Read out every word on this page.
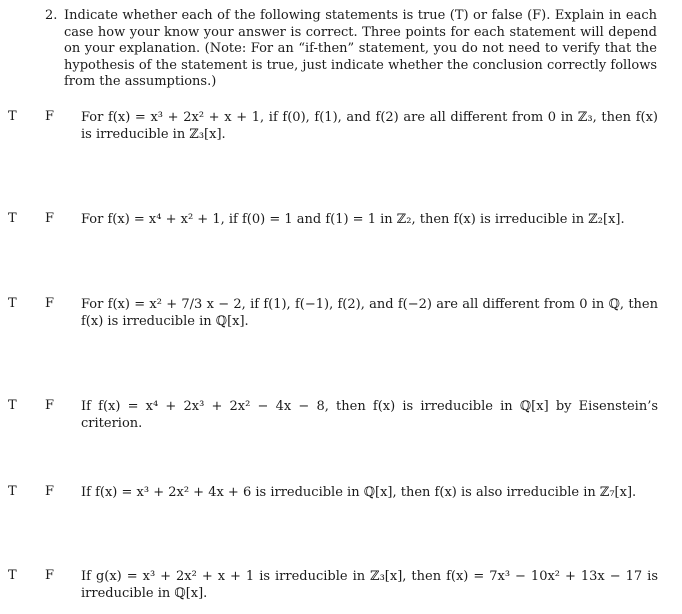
2. Indicate whether each of the following statements is true (T) or false (F). Explain in each case how your know your answer is correct. Three points for each statement will depend on your explanation. (Note: For an “if-then” statement, you do not need to verify that the hypothesis of the statement is true, just indicate whether the conclusion correctly follows from the assumptions.)
T F For f(x) = x³ + 2x² + x + 1, if f(0), f(1), and f(2) are all different from 0 in ℤ₃, then f(x) is irreducible in ℤ₃[x].
T F For f(x) = x⁴ + x² + 1, if f(0) = 1 and f(1) = 1 in ℤ₂, then f(x) is irreducible in ℤ₂[x].
T F For f(x) = x² + 7/3 x − 2, if f(1), f(−1), f(2), and f(−2) are all different from 0 in ℚ, then f(x) is irreducible in ℚ[x].
T F If f(x) = x⁴ + 2x³ + 2x² − 4x − 8, then f(x) is irreducible in ℚ[x] by Eisenstein’s criterion.
T F If f(x) = x³ + 2x² + 4x + 6 is irreducible in ℚ[x], then f(x) is also irreducible in ℤ₇[x].
T F If g(x) = x³ + 2x² + x + 1 is irreducible in ℤ₃[x], then f(x) = 7x³ − 10x² + 13x − 17 is irreducible in ℚ[x].
